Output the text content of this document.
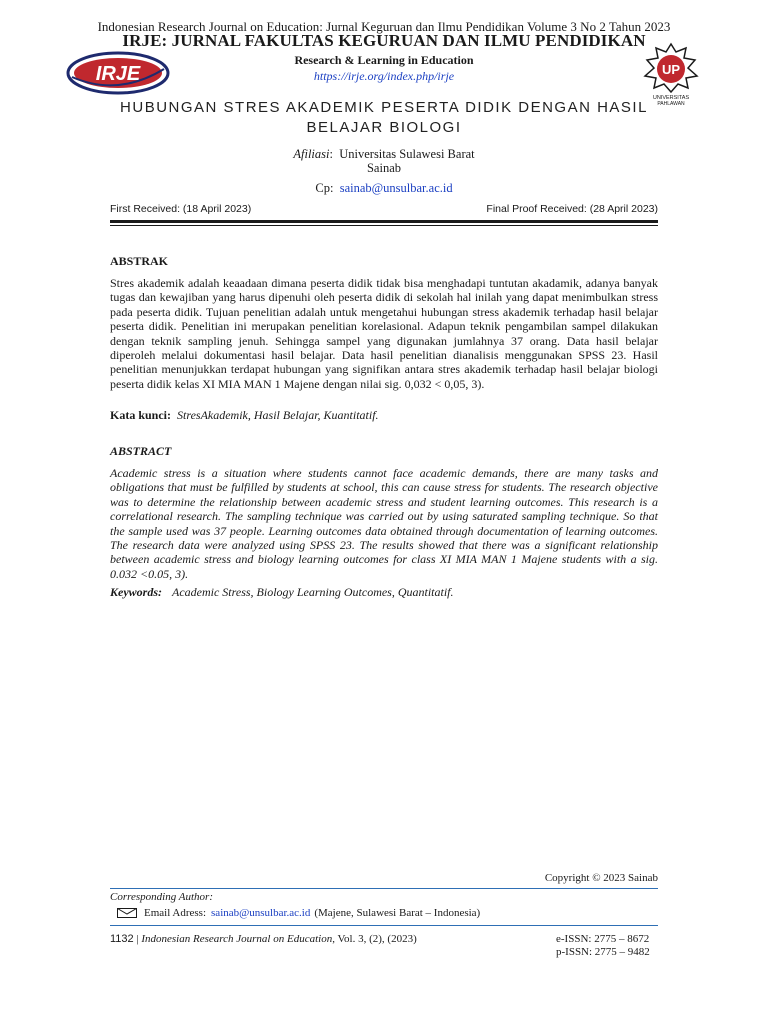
Indonesian Research Journal on Education: Jurnal Keguruan dan Ilmu Pendidikan Volume 3 No 2 Tahun 2023
IRJE: JURNAL FAKULTAS KEGURUAN DAN ILMU PENDIDIKAN
Research & Learning in Education
https://irje.org/index.php/irje
IRJE	UP
UNIVERSITAS
PAHLAWAN
HUBUNGAN STRES AKADEMIK PESERTA DIDIK DENGAN HASIL
BELAJAR BIOLOGI
Afiliasi:  Universitas Sulawesi Barat
Sainab
Cp: sainab@unsulbar.ac.id
First Received: (18 April 2023)	Final Proof Received: (28 April 2023)
ABSTRAK

Stres akademik adalah keaadaan dimana peserta didik tidak bisa menghadapi tuntutan akadamik, adanya banyak tugas dan kewajiban yang harus dipenuhi oleh peserta didik di sekolah hal inilah yang dapat menimbulkan stress pada peserta didik. Tujuan penelitian adalah untuk mengetahui hubungan stress akademik terhadap hasil belajar peserta didik. Penelitian ini merupakan penelitian korelasional. Adapun teknik pengambilan sampel dilakukan dengan teknik sampling jenuh. Sehingga sampel yang digunakan jumlahnya 37 orang. Data hasil belajar diperoleh melalui dokumentasi hasil belajar. Data hasil penelitian dianalisis menggunakan SPSS 23. Hasil penelitian menunjukkan terdapat hubungan yang signifikan antara stres akademik terhadap hasil belajar biologi peserta didik kelas XI MIA MAN 1 Majene dengan nilai sig. 0,032 < 0,05, 3).

Kata kunci: StresAkademik, Hasil Belajar, Kuantitatif.
ABSTRACT

Academic stress is a situation where students cannot face academic demands, there are many tasks and obligations that must be fulfilled by students at school, this can cause stress for students. The research objective was to determine the relationship between academic stress and student learning outcomes. This research is a correlational research. The sampling technique was carried out by using saturated sampling technique. So that the sample used was 37 people. Learning outcomes data obtained through documentation of learning outcomes. The research data were analyzed using SPSS 23. The results showed that there was a significant relationship between academic stress and biology learning outcomes for class XI MIA MAN 1 Majene students with a sig. 0.032 <0.05, 3).

Keywords: Academic Stress, Biology Learning Outcomes, Quantitatif.
Copyright © 2023 Sainab
Corresponding Author:
Email Adress: sainab@unsulbar.ac.id (Majene, Sulawesi Barat – Indonesia)
1132 | Indonesian Research Journal on Education, Vol. 3, (2), (2023)	e-ISSN: 2775 – 8672
p-ISSN: 2775 – 9482
